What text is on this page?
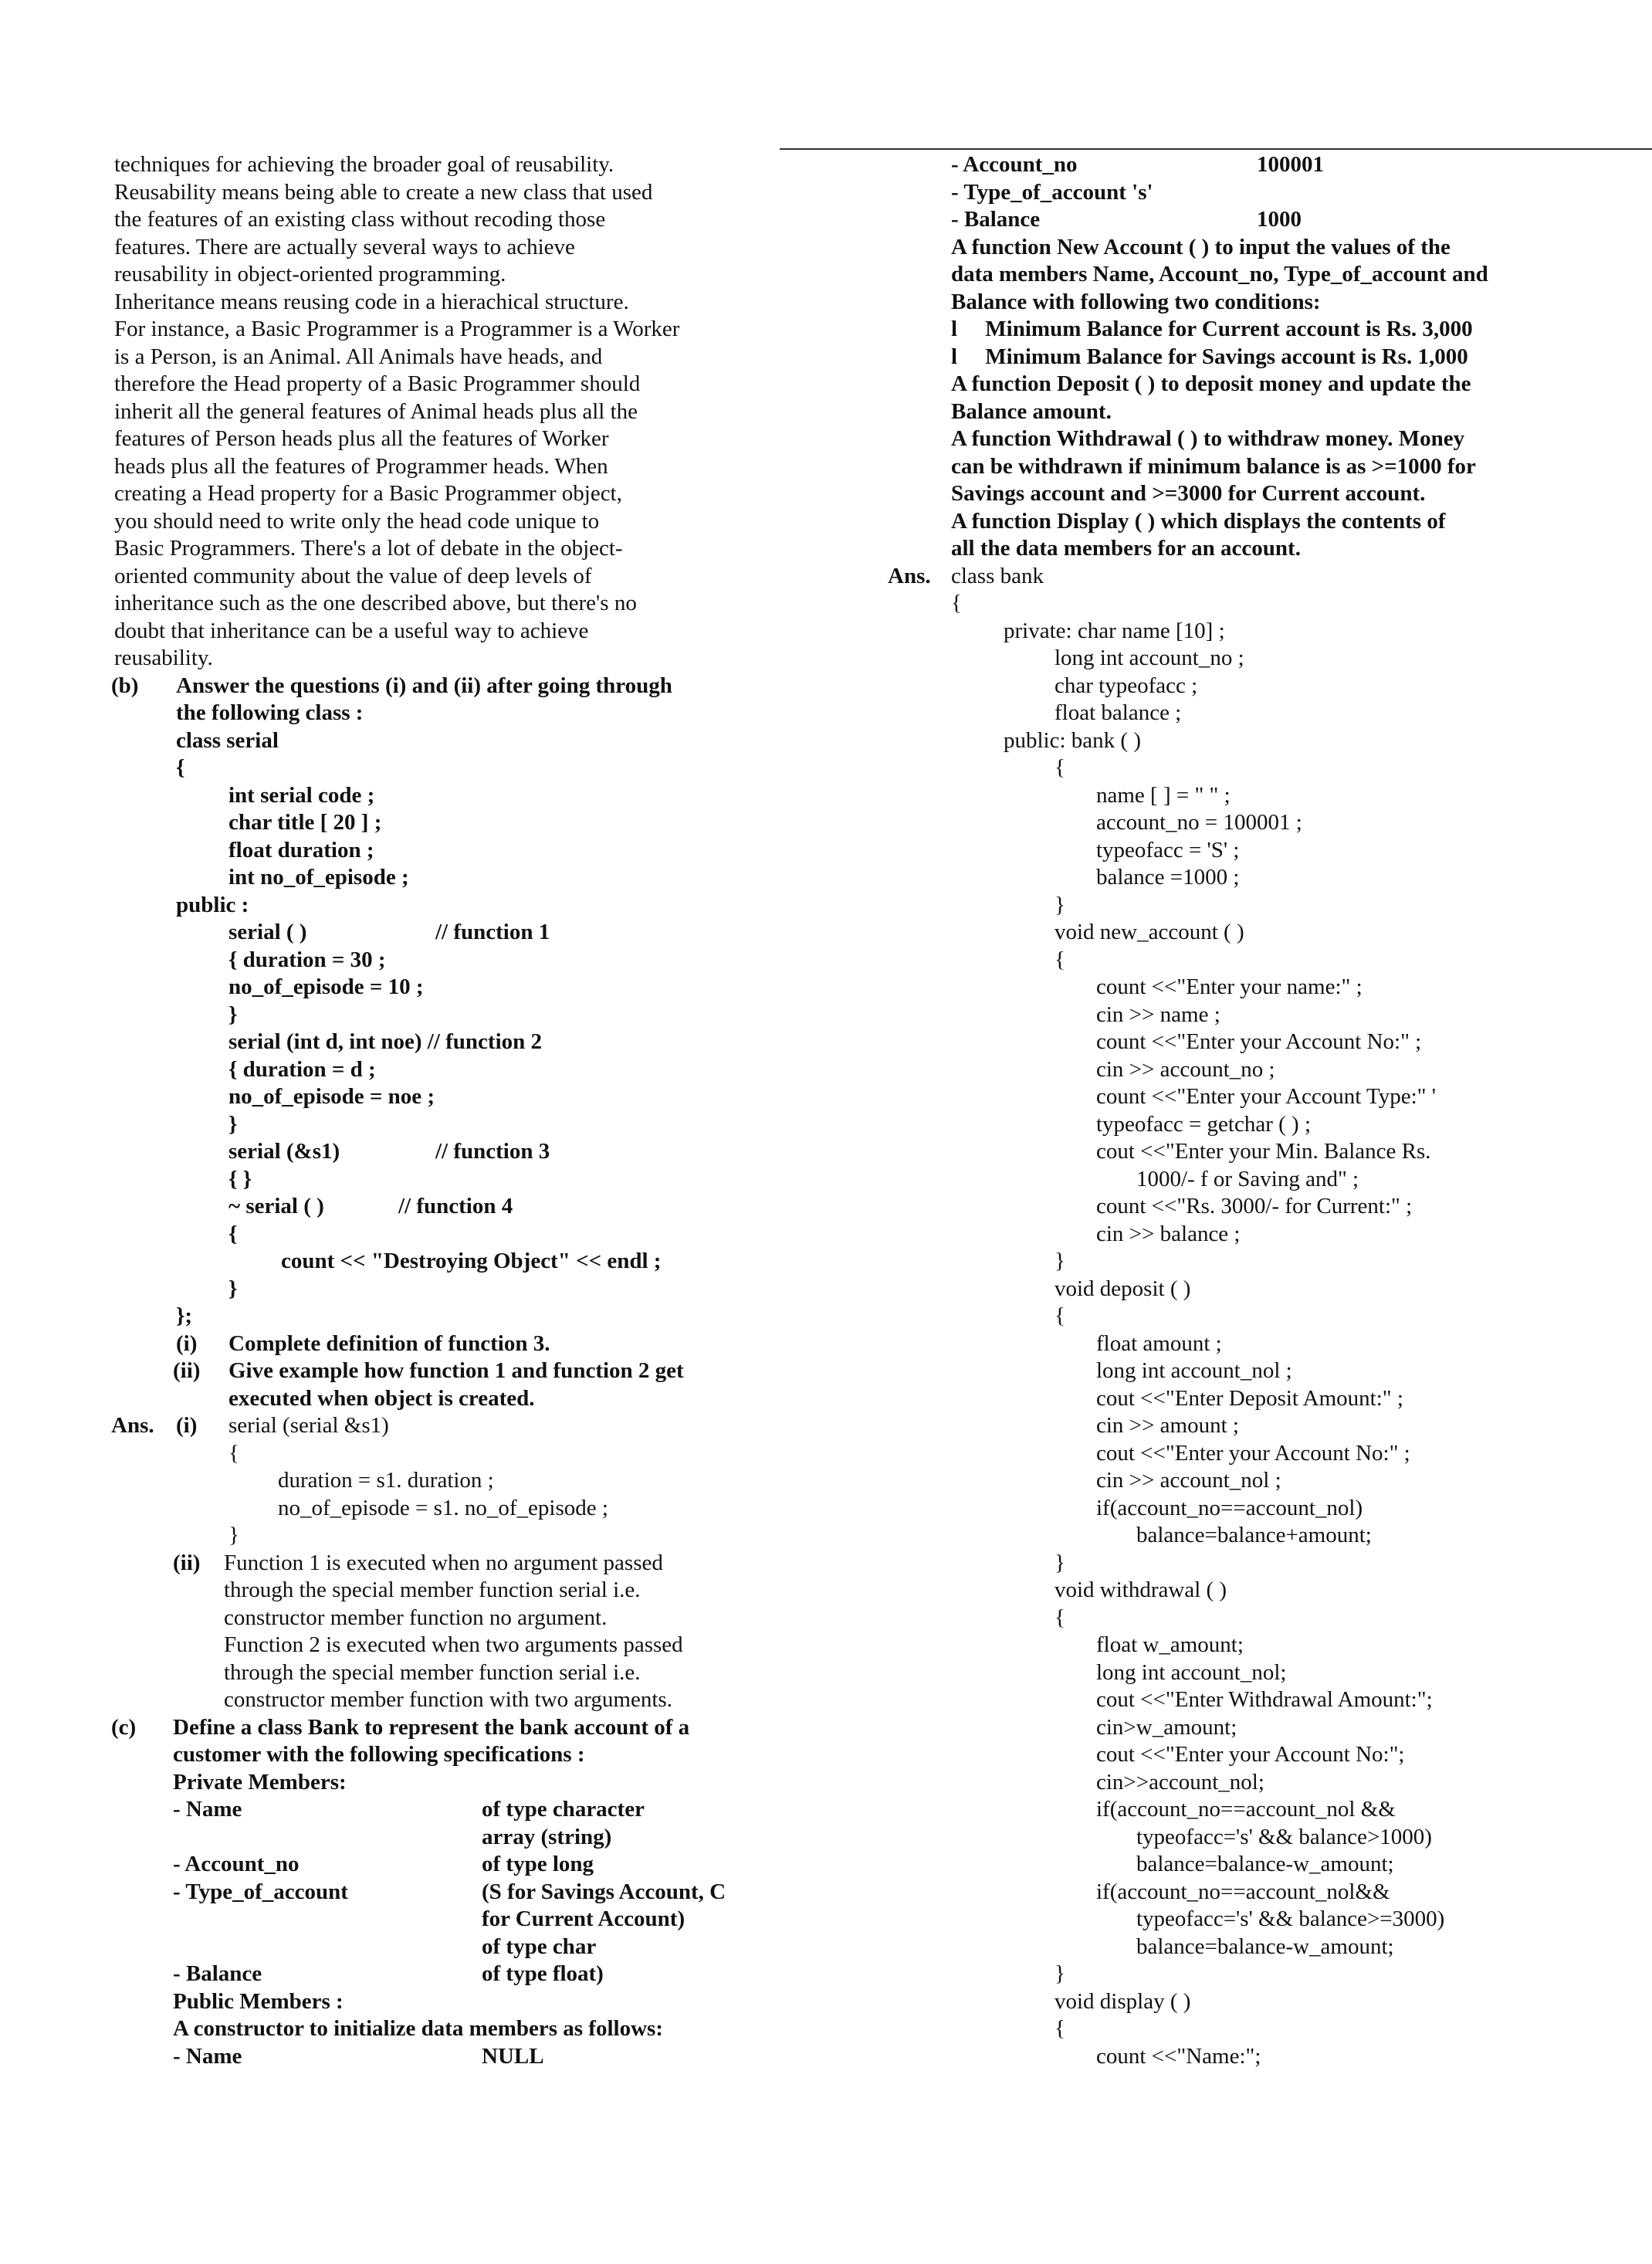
techniques for achieving the broader goal of reusability.
Reusability means being able to create a new class that used
the features of an existing class without recoding those
features. There are actually several ways to achieve
reusability in object-oriented programming.
Inheritance means reusing code in a hierachical structure.
For instance, a Basic Programmer is a Programmer is a Worker
is a Person, is an Animal. All Animals have heads, and
therefore the Head property of a Basic Programmer should
inherit all the general features of Animal heads plus all the
features of Person heads plus all the features of Worker
heads plus all the features of Programmer heads. When
creating a Head property for a Basic Programmer object,
you should need to write only the head code unique to
Basic Programmers. There's a lot of debate in the object-
oriented community about the value of deep levels of
inheritance such as the one described above, but there's no
doubt that inheritance can be a useful way to achieve
reusability.
(b) Answer the questions (i) and (ii) after going through
the following class :
class serial
{
int serial code ;
char title [ 20 ] ;
float duration ;
int no_of_episode ;
public :
serial ( )	// function 1
{ duration = 30 ;
no_of_episode = 10 ;
}
serial (int d, int noe) // function 2
{ duration = d ;
no_of_episode = noe ;
}
serial (&s1)	// function 3
{ }
~ serial ( )	// function 4
{
count << "Destroying Object" << endl ;
}
};
(i) Complete definition of function 3.
(ii) Give example how function 1 and function 2 get
executed when object is created.
Ans. (i) serial (serial &s1)
{
duration = s1. duration ;
no_of_episode = s1. no_of_episode ;
}
(ii) Function 1 is executed when no argument passed
through the special member function serial i.e.
constructor member function no argument.
Function 2 is executed when two arguments passed
through the special member function serial i.e.
constructor member function with two arguments.
(c) Define a class Bank to represent the bank account of a
customer with the following specifications :
Private Members:
- Name	of type character
array (string)
- Account_no	of type long
- Type_of_account	(S for Savings Account, C
for Current Account)
of type char
- Balance	of type float)
Public Members :
A constructor to initialize data members as follows:
- Name	NULL
- Account_no	100001
- Type_of_account 's'
- Balance	1000
A function New Account ( ) to input the values of the
data members Name, Account_no, Type_of_account and
Balance with following two conditions:
l     Minimum Balance for Current account is Rs. 3,000
l     Minimum Balance for Savings account is Rs. 1,000
A function Deposit ( ) to deposit money and update the
Balance amount.
A function Withdrawal ( ) to withdraw money. Money
can be withdrawn if minimum balance is as >=1000 for
Savings account and >=3000 for Current account.
A function Display ( ) which displays the contents of
all the data members for an account.
Ans. class bank
{
private: char name [10] ;
long int account_no ;
char typeofacc ;
float balance ;
public: bank ( )
{
name [ ] = " " ;
account_no = 100001 ;
typeofacc = 'S' ;
balance =1000 ;
}
void new_account ( )
{
count <<"Enter your name:" ;
cin >> name ;
count <<"Enter your Account No:" ;
cin >> account_no ;
count <<"Enter your Account Type:" '
typeofacc = getchar ( ) ;
cout <<"Enter your Min. Balance Rs.
1000/- f or Saving and" ;
count <<"Rs. 3000/- for Current:" ;
cin >> balance ;
}
void deposit ( )
{
float amount ;
long int account_nol ;
cout <<"Enter Deposit Amount:" ;
cin >> amount ;
cout <<"Enter your Account No:" ;
cin >> account_nol ;
if(account_no==account_nol)
balance=balance+amount;
}
void withdrawal ( )
{
float w_amount;
long int account_nol;
cout <<"Enter Withdrawal Amount:";
cin>w_amount;
cout <<"Enter your Account No:";
cin>>account_nol;
if(account_no==account_nol &&
typeofacc='s' && balance>1000)
balance=balance-w_amount;
if(account_no==account_nol&&
typeofacc='s' && balance>=3000)
balance=balance-w_amount;
}
void display ( )
{
count <<"Name:";
